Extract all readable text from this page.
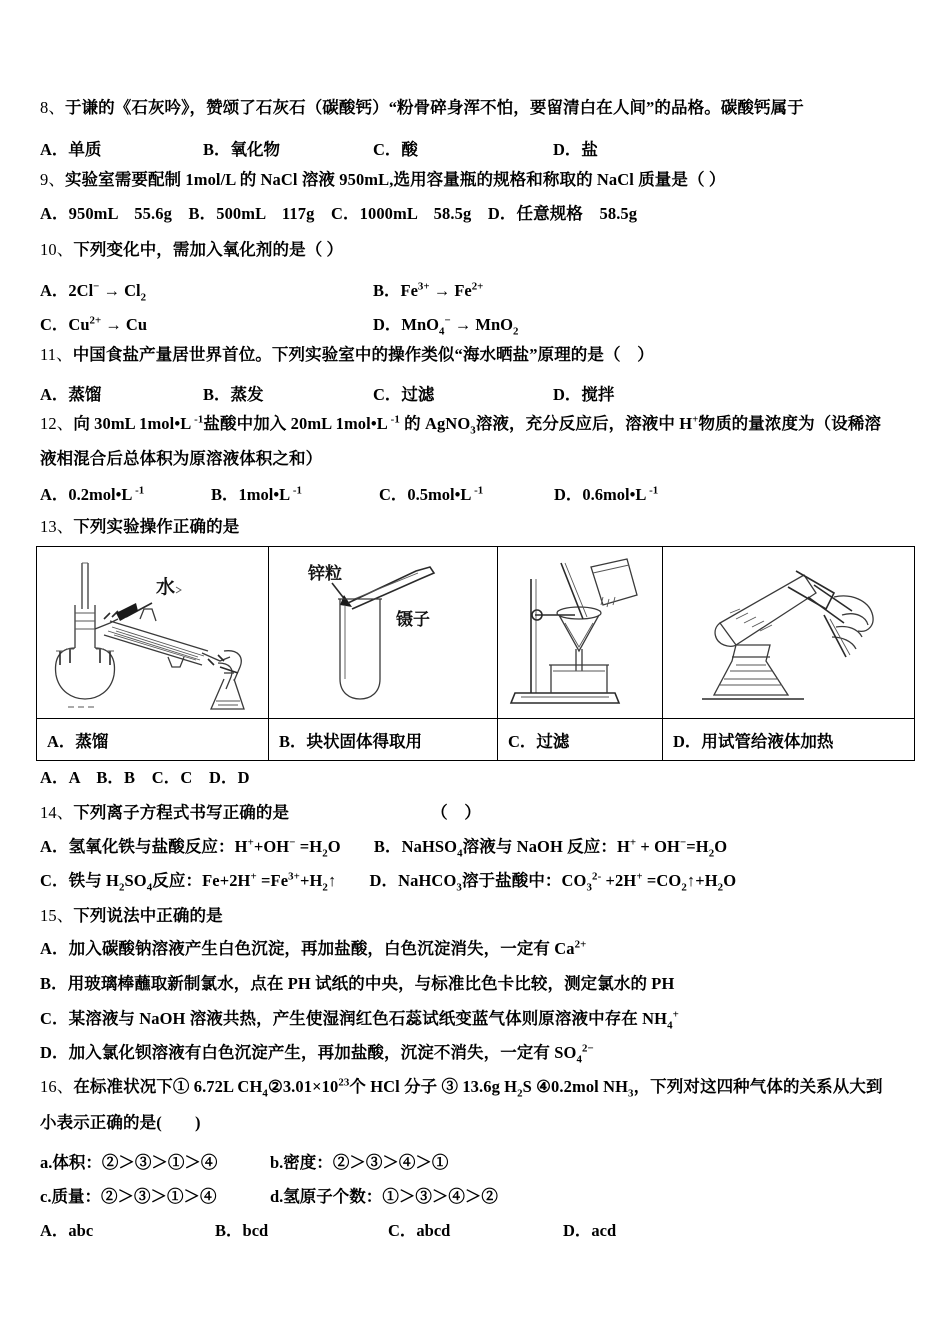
8、于谦的《石灰吟》，赞颂了石灰石（碳酸钙）“粉骨碎身浑不怕，要留清白在人间”的品格。碳酸钙属于
A．单质	B．氧化物	C．酸	D．盐
9、实验室需要配制 1mol/L 的 NaCl 溶液 950mL,选用容量瓶的规格和称取的 NaCl 质量是（ ）
A．950mL　55.6g　B．500mL　117g　C．1000mL　58.5g　D．任意规格　58.5g
10、下列变化中，需加入氧化剂的是（ ）
A．$2Cl^- \to Cl_2$	B．$Fe^{3+} \to Fe^{2+}$
C．$Cu^{2+} \to Cu$	D．MnO$_4$− → MnO$_2$
11、中国食盐产量居世界首位。下列实验室中的操作类似“海水晒盐”原理的是（　）
A．蒸馏	B．蒸发	C．过滤	D．搅拌
12、向 30mL 1mol•L $^{-1}$盐酸中加入 20mL 1mol•L $^{-1}$ 的 AgNO$_3$溶液，充分反应后，溶液中 H+物质的量浓度为（设稀溶
液相混合后总体积为原溶液体积之和）
A．0.2mol•L $^{-1}$	B．1mol•L $^{-1}$	C．0.5mol•L $^{-1}$	D．0.6mol•L $^{-1}$
13、下列实验操作正确的是
水	锌粒
镊子

A．蒸馏	B．块状固体得取用	C．过滤	D．用试管给液体加热
A．A　B．B　C．C　D．D
14、下列离子方程式书写正确的是	（　）
A．氢氧化铁与盐酸反应：$H^++OH^- =H_2O$　　B．NaHSO$_4$溶液与 NaOH 反应：$H^+ + OH^-=H_2O$
C．铁与 $H_2SO_4$反应：$Fe+2H^+ =Fe^{3+}+H_2↑$　　D．NaHCO$_3$溶于盐酸中：$CO_3^{2-} +2H^+$ $=CO_2↑+H_2O$
15、下列说法中正确的是
A．加入碳酸钠溶液产生白色沉淀，再加盐酸，白色沉淀消失，一定有 $Ca^{2+}$
B．用玻璃棒蘸取新制氯水，点在 PH 试纸的中央，与标准比色卡比较，测定氯水的 PH
C．某溶液与 NaOH 溶液共热，产生使湿润红色石蕊试纸变蓝气体则原溶液中存在 $NH_4^+$
D．加入氯化钡溶液有白色沉淀产生，再加盐酸，沉淀不消失，一定有 $SO_4^{2-}$
16、在标准状况下① 6.72L $CH_4②3.01\times 10^{23}$个 HCl 分子 ③ 13.6g $H_2S$ ④0.2mol $NH_3$，下列对这四种气体的关系从大到
小表示正确的是(　　)
a.体积：②＞③＞①＞④	b.密度：②＞③＞④＞①
c.质量：②＞③＞①＞④	d.氢原子个数：①＞③＞④＞②
A．abc	B．bcd	C．abcd	D．acd
